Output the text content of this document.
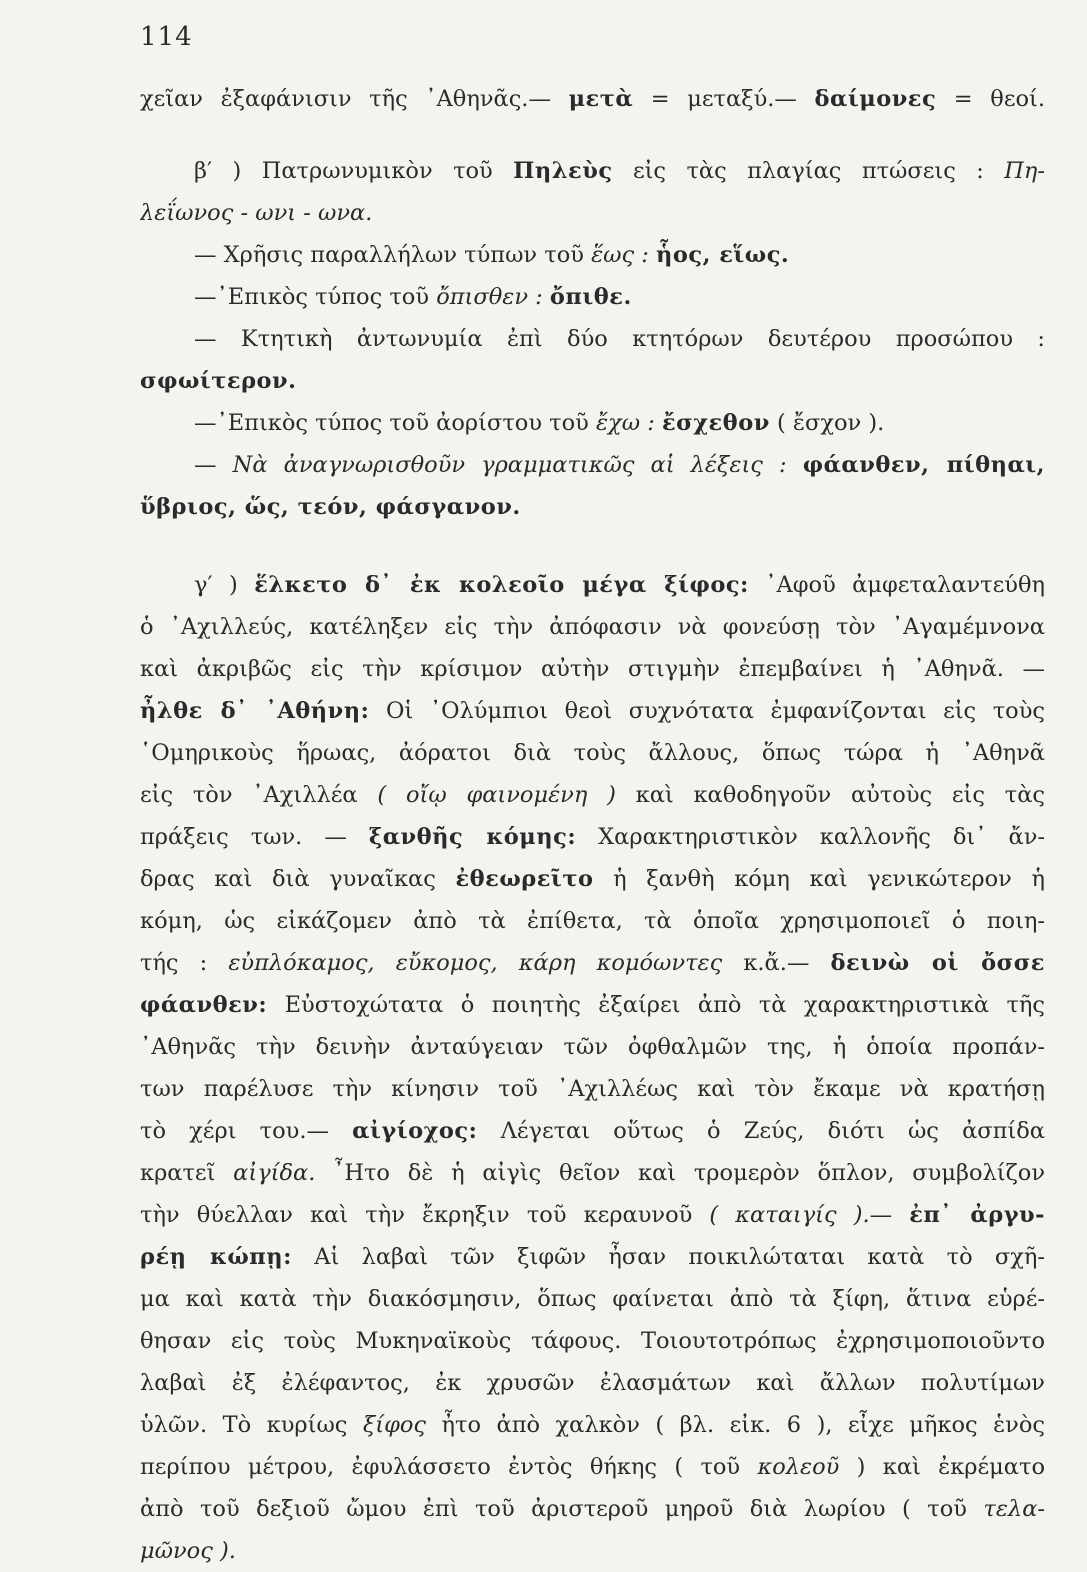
114
χεῖαν ἐξαφάνισιν τῆς ᾿Αθηνᾶς.— μετὰ = μεταξύ.— δαίμονες = θεοί.
β′ ) Πατρωνυμικὸν τοῦ Πηλεὺς εἰς τὰς πλαγίας πτώσεις : Πη-
λεΐωνος - ωνι - ωνα.
— Χρῆσις παραλλήλων τύπων τοῦ ἕως : ἧος, εἵως.
—᾿Επικὸς τύπος τοῦ ὄπισθεν : ὄπιθε.
— Κτητικὴ ἀντωνυμία ἐπὶ δύο κτητόρων δευτέρου προσώπου :
σφωίτερον.
—᾿Επικὸς τύπος τοῦ ἀορίστου τοῦ ἔχω : ἔσχεθον ( ἔσχον ).
— Νὰ ἀναγνωρισθοῦν γραμματικῶς αἱ λέξεις : φάανθεν, πίθηαι,
ὕβριος, ὥς, τεόν, φάσγανον.
γ′ ) ἕλκετο δ᾿ ἐκ κολεοῖο μέγα ξίφος: ᾿Αφοῦ ἀμφεταλαντεύθη
ὁ ᾿Αχιλλεύς, κατέληξεν εἰς τὴν ἀπόφασιν νὰ φονεύσῃ τὸν ᾿Αγαμέμνονα
καὶ ἀκριβῶς εἰς τὴν κρίσιμον αὐτὴν στιγμὴν ἐπεμβαίνει ἡ ᾿Αθηνᾶ. —
ἦλθε δ᾿ ᾿Αθήνη: Οἱ ᾿Ολύμπιοι θεοὶ συχνότατα ἐμφανίζονται εἰς τοὺς
῾Ομηρικοὺς ἥρωας, ἀόρατοι διὰ τοὺς ἄλλους, ὅπως τώρα ἡ ᾿Αθηνᾶ
εἰς τὸν ᾿Αχιλλέα ( οἴῳ φαινομένη ) καὶ καθοδηγοῦν αὐτοὺς εἰς τὰς
πράξεις των. — ξανθῆς κόμης: Χαρακτηριστικὸν καλλονῆς δι᾿ ἄν-
δρας καὶ διὰ γυναῖκας ἐθεωρεῖτο ἡ ξανθὴ κόμη καὶ γενικώτερον ἡ
κόμη, ὡς εἰκάζομεν ἀπὸ τὰ ἐπίθετα, τὰ ὁποῖα χρησιμοποιεῖ ὁ ποιη-
τής : εὐπλόκαμος, εὔκομος, κάρη κομόωντες κ.ἄ.— δεινὼ οἱ ὄσσε
φάανθεν: Εὐστοχώτατα ὁ ποιητὴς ἐξαίρει ἀπὸ τὰ χαρακτηριστικὰ τῆς
᾿Αθηνᾶς τὴν δεινὴν ἀνταύγειαν τῶν ὀφθαλμῶν της, ἡ ὁποία προπάν-
των παρέλυσε τὴν κίνησιν τοῦ ᾿Αχιλλέως καὶ τὸν ἔκαμε νὰ κρατήσῃ
τὸ χέρι του.— αἰγίοχος: Λέγεται οὕτως ὁ Ζεύς, διότι ὡς ἀσπίδα
κρατεῖ αἰγίδα. ῏Ητο δὲ ἡ αἰγὶς θεῖον καὶ τρομερὸν ὅπλον, συμβολίζον
τὴν θύελλαν καὶ τὴν ἔκρηξιν τοῦ κεραυνοῦ ( καταιγίς ).— ἐπ᾿ ἀργυ-
ρέῃ κώπῃ: Αἱ λαβαὶ τῶν ξιφῶν ἦσαν ποικιλώταται κατὰ τὸ σχῆ-
μα καὶ κατὰ τὴν διακόσμησιν, ὅπως φαίνεται ἀπὸ τὰ ξίφη, ἅτινα εὑρέ-
θησαν εἰς τοὺς Μυκηναϊκοὺς τάφους. Τοιουτοτρόπως ἐχρησιμοποιοῦντο
λαβαὶ ἐξ ἐλέφαντος, ἐκ χρυσῶν ἐλασμάτων καὶ ἄλλων πολυτίμων
ὑλῶν. Τὸ κυρίως ξίφος ἦτο ἀπὸ χαλκὸν ( βλ. εἰκ. 6 ), εἶχε μῆκος ἑνὸς
περίπου μέτρου, ἐφυλάσσετο ἐντὸς θήκης ( τοῦ κολεοῦ ) καὶ ἐκρέματο
ἀπὸ τοῦ δεξιοῦ ὤμου ἐπὶ τοῦ ἀριστεροῦ μηροῦ διὰ λωρίου ( τοῦ τελα-
μῶνος ).
